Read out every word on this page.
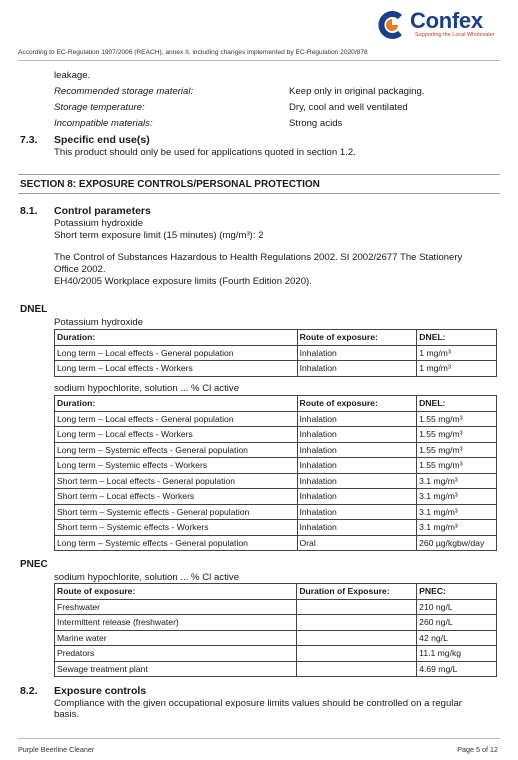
Confex
Supporting the Local Wholesaler
According to EC-Regulation 1907/2006 (REACH), annex II, including changes implemented by EC-Regulation 2020/878
leakage.
Recommended storage material:	Keep only in original packaging.
Storage temperature:	Dry, cool and well ventilated
Incompatible materials:	Strong acids
7.3. Specific end use(s)
This product should only be used for applications quoted in section 1.2.
SECTION 8: EXPOSURE CONTROLS/PERSONAL PROTECTION
8.1. Control parameters
Potassium hydroxide
Short term exposure limit (15 minutes) (mg/m³): 2
The Control of Substances Hazardous to Health Regulations 2002. SI 2002/2677 The Stationery
Office 2002.
EH40/2005 Workplace exposure limits (Fourth Edition 2020).
DNEL
Potassium hydroxide
Duration:	Route of exposure:	DNEL:
Long term – Local effects - General population	Inhalation	1 mg/m³
Long term – Local effects - Workers	Inhalation	1 mg/m³
sodium hypochlorite, solution ... % Cl active
Duration:	Route of exposure:	DNEL:
Long term – Local effects - General population	Inhalation	1.55 mg/m³
Long term – Local effects - Workers	Inhalation	1.55 mg/m³
Long term – Systemic effects - General population	Inhalation	1.55 mg/m³
Long term – Systemic effects - Workers	Inhalation	1.55 mg/m³
Short term – Local effects - General population	Inhalation	3.1 mg/m³
Short term – Local effects - Workers	Inhalation	3.1 mg/m³
Short term – Systemic effects - General population	Inhalation	3.1 mg/m³
Short term – Systemic effects - Workers	Inhalation	3.1 mg/m³
Long term – Systemic effects - General population	Oral	260 µg/kgbw/day
PNEC
sodium hypochlorite, solution ... % Cl active
Route of exposure:	Duration of Exposure:	PNEC:
Freshwater		210 ng/L
Intermittent release (freshwater)		260 ng/L
Marine water		42 ng/L
Predators		11.1 mg/kg
Sewage treatment plant		4.69 mg/L
8.2. Exposure controls
Compliance with the given occupational exposure limits values should be controlled on a regular
basis.
Purple Beerline Cleaner	Page 5 of 12
